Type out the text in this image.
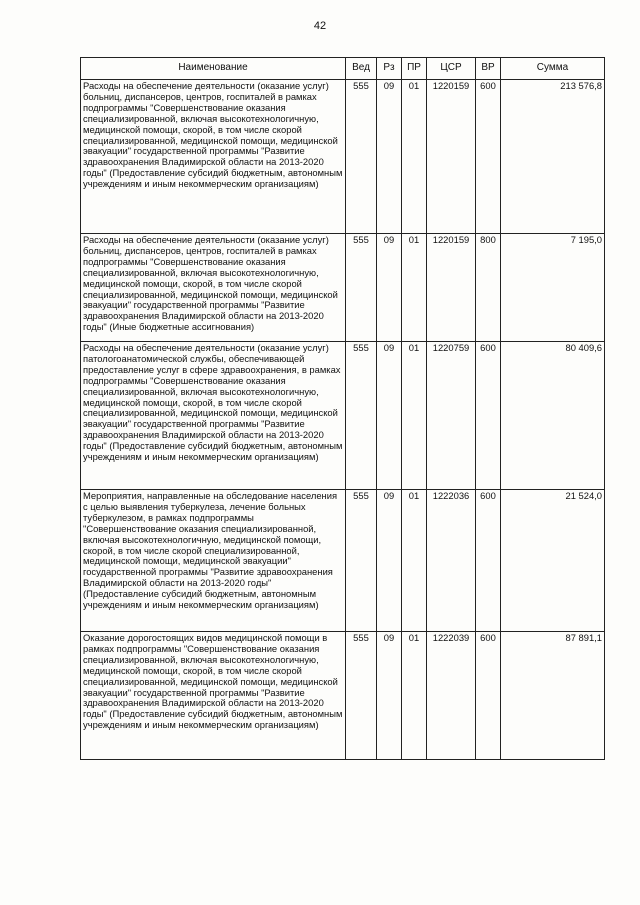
42
Наименование	Вед	Рз	ПР	ЦСР	ВР	Сумма
Расходы на обеспечение деятельности (оказание услуг) больниц, диспансеров, центров, госпиталей в рамках подпрограммы "Совершенствование оказания специализированной, включая высокотехнологичную, медицинской помощи, скорой, в том числе скорой специализированной, медицинской помощи, медицинской эвакуации" государственной программы "Развитие здравоохранения Владимирской области на 2013-2020 годы" (Предоставление субсидий бюджетным, автономным учреждениям и иным некоммерческим организациям)	555	09	01	1220159	600	213 576,8
Расходы на обеспечение деятельности (оказание услуг) больниц, диспансеров, центров, госпиталей в рамках подпрограммы "Совершенствование оказания специализированной, включая высокотехнологичную, медицинской помощи, скорой, в том числе скорой специализированной, медицинской помощи, медицинской эвакуации" государственной программы "Развитие здравоохранения Владимирской области на 2013-2020 годы" (Иные бюджетные ассигнования)	555	09	01	1220159	800	7 195,0
Расходы на обеспечение деятельности (оказание услуг) патологоанатомической службы, обеспечивающей предоставление услуг в сфере здравоохранения, в рамках подпрограммы "Совершенствование оказания специализированной, включая высокотехнологичную, медицинской помощи, скорой, в том числе скорой специализированной, медицинской помощи, медицинской эвакуации" государственной программы "Развитие здравоохранения Владимирской области на 2013-2020 годы" (Предоставление субсидий бюджетным, автономным учреждениям и иным некоммерческим организациям)	555	09	01	1220759	600	80 409,6
Мероприятия, направленные на обследование населения с целью выявления туберкулеза, лечение больных туберкулезом, в рамках подпрограммы "Совершенствование оказания специализированной, включая высокотехнологичную, медицинской помощи, скорой, в том числе скорой специализированной, медицинской помощи, медицинской эвакуации" государственной программы "Развитие здравоохранения Владимирской области на 2013-2020 годы" (Предоставление субсидий бюджетным, автономным учреждениям и иным некоммерческим организациям)	555	09	01	1222036	600	21 524,0
Оказание дорогостоящих видов медицинской помощи в рамках подпрограммы "Совершенствование оказания специализированной, включая высокотехнологичную, медицинской помощи, скорой, в том числе скорой специализированной, медицинской помощи, медицинской эвакуации" государственной программы "Развитие здравоохранения Владимирской области на 2013-2020 годы" (Предоставление субсидий бюджетным, автономным учреждениям и иным некоммерческим организациям)	555	09	01	1222039	600	87 891,1
